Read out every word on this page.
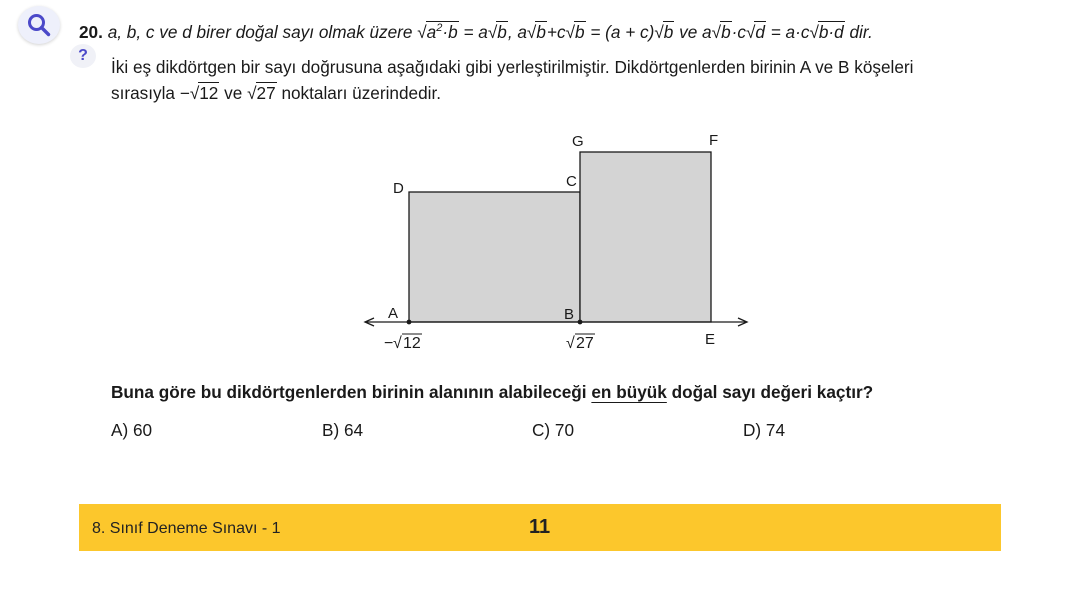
?
20. a, b, c ve d birer doğal sayı olmak üzere $√a^2\cdot b = a√b$, a√b+c√b = (a + c)√b ve a√b·c√d = a·c√b·d dir.
İki eş dikdörtgen bir sayı doğrusuna aşağıdaki gibi yerleştirilmiştir. Dikdörtgenlerden birinin A ve B köşeleri
sırasıyla −√12 ve √27 noktaları üzerindedir.
A	B
C
D
E
F
G
− √ 12	√ 27
Buna göre bu dikdörtgenlerden birinin alanının alabileceği en büyük doğal sayı değeri kaçtır?
A) 60	B) 64	C) 70	D) 74
8. Sınıf Deneme Sınavı - 1	11
